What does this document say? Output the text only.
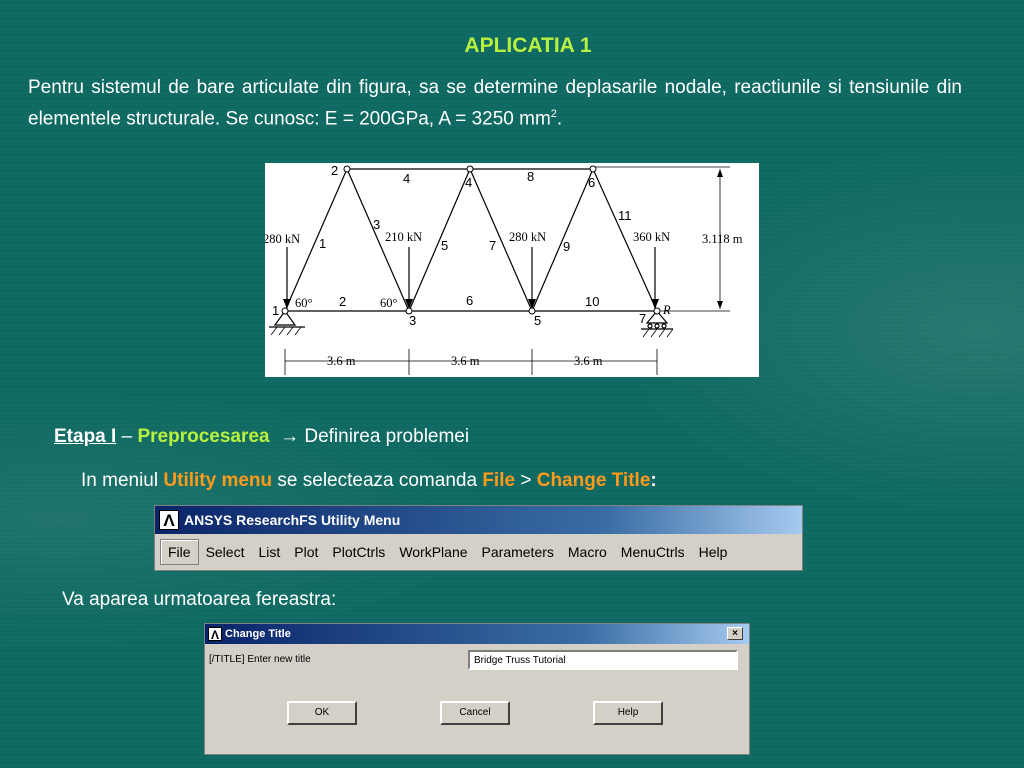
APLICATIA 1
Pentru sistemul de bare articulate din figura, sa se determine deplasarile nodale, reactiunile si tensiunile din elementele structurale. Se cunosc: E = 200GPa, A = 3250 $mm^2$.
1
2
3
4
5
6
7
1
2
3
4
5
6
7
8
9
10
11
280 kN	210 kN	280 kN	360 kN
60°	60°
3.118 m
R
3.6 m	3.6 m	3.6 m
Etapa I – Preprocesarea → Definirea problemei
In meniul Utility menu se selecteaza comanda File > Change Title:
Λ ANSYS ResearchFS Utility Menu
File	Select	List	Plot	PlotCtrls	WorkPlane	Parameters	Macro	MenuCtrls	Help
Va aparea urmatoarea fereastra:
Λ Change Title	×
[/TITLE] Enter new title
Bridge Truss Tutorial
OK	Cancel	Help
